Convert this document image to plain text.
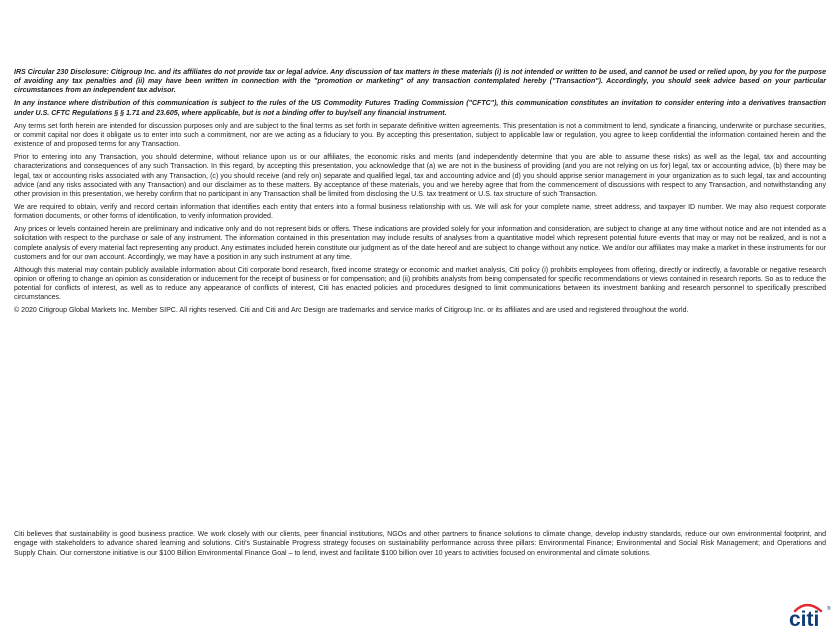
IRS Circular 230 Disclosure: Citigroup Inc. and its affiliates do not provide tax or legal advice. Any discussion of tax matters in these materials (i) is not intended or written to be used, and cannot be used or relied upon, by you for the purpose of avoiding any tax penalties and (ii) may have been written in connection with the "promotion or marketing" of any transaction contemplated hereby ("Transaction"). Accordingly, you should seek advice based on your particular circumstances from an independent tax advisor.

In any instance where distribution of this communication is subject to the rules of the US Commodity Futures Trading Commission ("CFTC"), this communication constitutes an invitation to consider entering into a derivatives transaction under U.S. CFTC Regulations § § 1.71 and 23.605, where applicable, but is not a binding offer to buy/sell any financial instrument.

Any terms set forth herein are intended for discussion purposes only and are subject to the final terms as set forth in separate definitive written agreements. This presentation is not a commitment to lend, syndicate a financing, underwrite or purchase securities, or commit capital nor does it obligate us to enter into such a commitment, nor are we acting as a fiduciary to you. By accepting this presentation, subject to applicable law or regulation, you agree to keep confidential the information contained herein and the existence of and proposed terms for any Transaction.

Prior to entering into any Transaction, you should determine, without reliance upon us or our affiliates, the economic risks and merits (and independently determine that you are able to assume these risks) as well as the legal, tax and accounting characterizations and consequences of any such Transaction. In this regard, by accepting this presentation, you acknowledge that (a) we are not in the business of providing (and you are not relying on us for) legal, tax or accounting advice, (b) there may be legal, tax or accounting risks associated with any Transaction, (c) you should receive (and rely on) separate and qualified legal, tax and accounting advice and (d) you should apprise senior management in your organization as to such legal, tax and accounting advice (and any risks associated with any Transaction) and our disclaimer as to these matters. By acceptance of these materials, you and we hereby agree that from the commencement of discussions with respect to any Transaction, and notwithstanding any other provision in this presentation, we hereby confirm that no participant in any Transaction shall be limited from disclosing the U.S. tax treatment or U.S. tax structure of such Transaction.

We are required to obtain, verify and record certain information that identifies each entity that enters into a formal business relationship with us. We will ask for your complete name, street address, and taxpayer ID number. We may also request corporate formation documents, or other forms of identification, to verify information provided.

Any prices or levels contained herein are preliminary and indicative only and do not represent bids or offers. These indications are provided solely for your information and consideration, are subject to change at any time without notice and are not intended as a solicitation with respect to the purchase or sale of any instrument. The information contained in this presentation may include results of analyses from a quantitative model which represent potential future events that may or may not be realized, and is not a complete analysis of every material fact representing any product. Any estimates included herein constitute our judgment as of the date hereof and are subject to change without any notice. We and/or our affiliates may make a market in these instruments for our customers and for our own account. Accordingly, we may have a position in any such instrument at any time.

Although this material may contain publicly available information about Citi corporate bond research, fixed income strategy or economic and market analysis, Citi policy (i) prohibits employees from offering, directly or indirectly, a favorable or negative research opinion or offering to change an opinion as consideration or inducement for the receipt of business or for compensation; and (ii) prohibits analysts from being compensated for specific recommendations or views contained in research reports. So as to reduce the potential for conflicts of interest, as well as to reduce any appearance of conflicts of interest, Citi has enacted policies and procedures designed to limit communications between its investment banking and research personnel to specifically prescribed circumstances.

© 2020 Citigroup Global Markets Inc. Member SIPC. All rights reserved. Citi and Citi and Arc Design are trademarks and service marks of Citigroup Inc. or its affiliates and are used and registered throughout the world.

Citi believes that sustainability is good business practice. We work closely with our clients, peer financial institutions, NGOs and other partners to finance solutions to climate change, develop industry standards, reduce our own environmental footprint, and engage with stakeholders to advance shared learning and solutions. Citi's Sustainable Progress strategy focuses on sustainability performance across three pillars: Environmental Finance; Environmental and Social Risk Management; and Operations and Supply Chain. Our cornerstone initiative is our $100 Billion Environmental Finance Goal – to lend, invest and facilitate $100 billion over 10 years to activities focused on environmental and climate solutions.
citi ®
